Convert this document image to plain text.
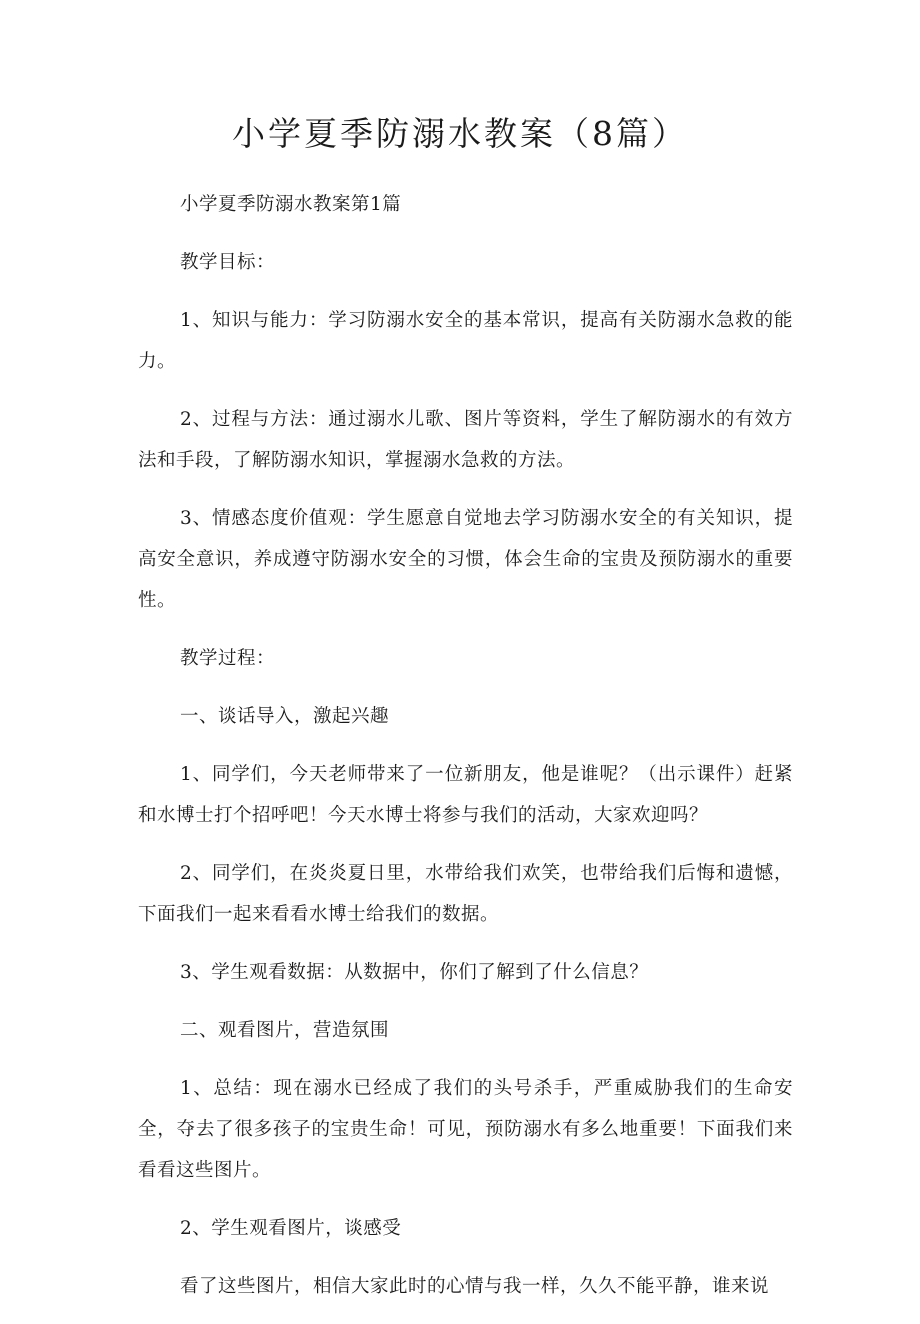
小学夏季防溺水教案（8篇）

小学夏季防溺水教案第1篇

教学目标：

1、知识与能力：学习防溺水安全的基本常识，提高有关防溺水急救的能力。

2、过程与方法：通过溺水儿歌、图片等资料，学生了解防溺水的有效方法和手段，了解防溺水知识，掌握溺水急救的方法。

3、情感态度价值观：学生愿意自觉地去学习防溺水安全的有关知识，提高安全意识，养成遵守防溺水安全的习惯，体会生命的宝贵及预防溺水的重要性。

教学过程：

一、谈话导入，激起兴趣

1、同学们，今天老师带来了一位新朋友，他是谁呢？（出示课件）赶紧和水博士打个招呼吧！今天水博士将参与我们的活动，大家欢迎吗？

2、同学们，在炎炎夏日里，水带给我们欢笑，也带给我们后悔和遗憾，下面我们一起来看看水博士给我们的数据。

3、学生观看数据：从数据中，你们了解到了什么信息？

二、观看图片，营造氛围

1、总结：现在溺水已经成了我们的头号杀手，严重威胁我们的生命安全，夺去了很多孩子的宝贵生命！可见，预防溺水有多么地重要！下面我们来看看这些图片。

2、学生观看图片，谈感受

看了这些图片，相信大家此时的心情与我一样，久久不能平静，谁来说
